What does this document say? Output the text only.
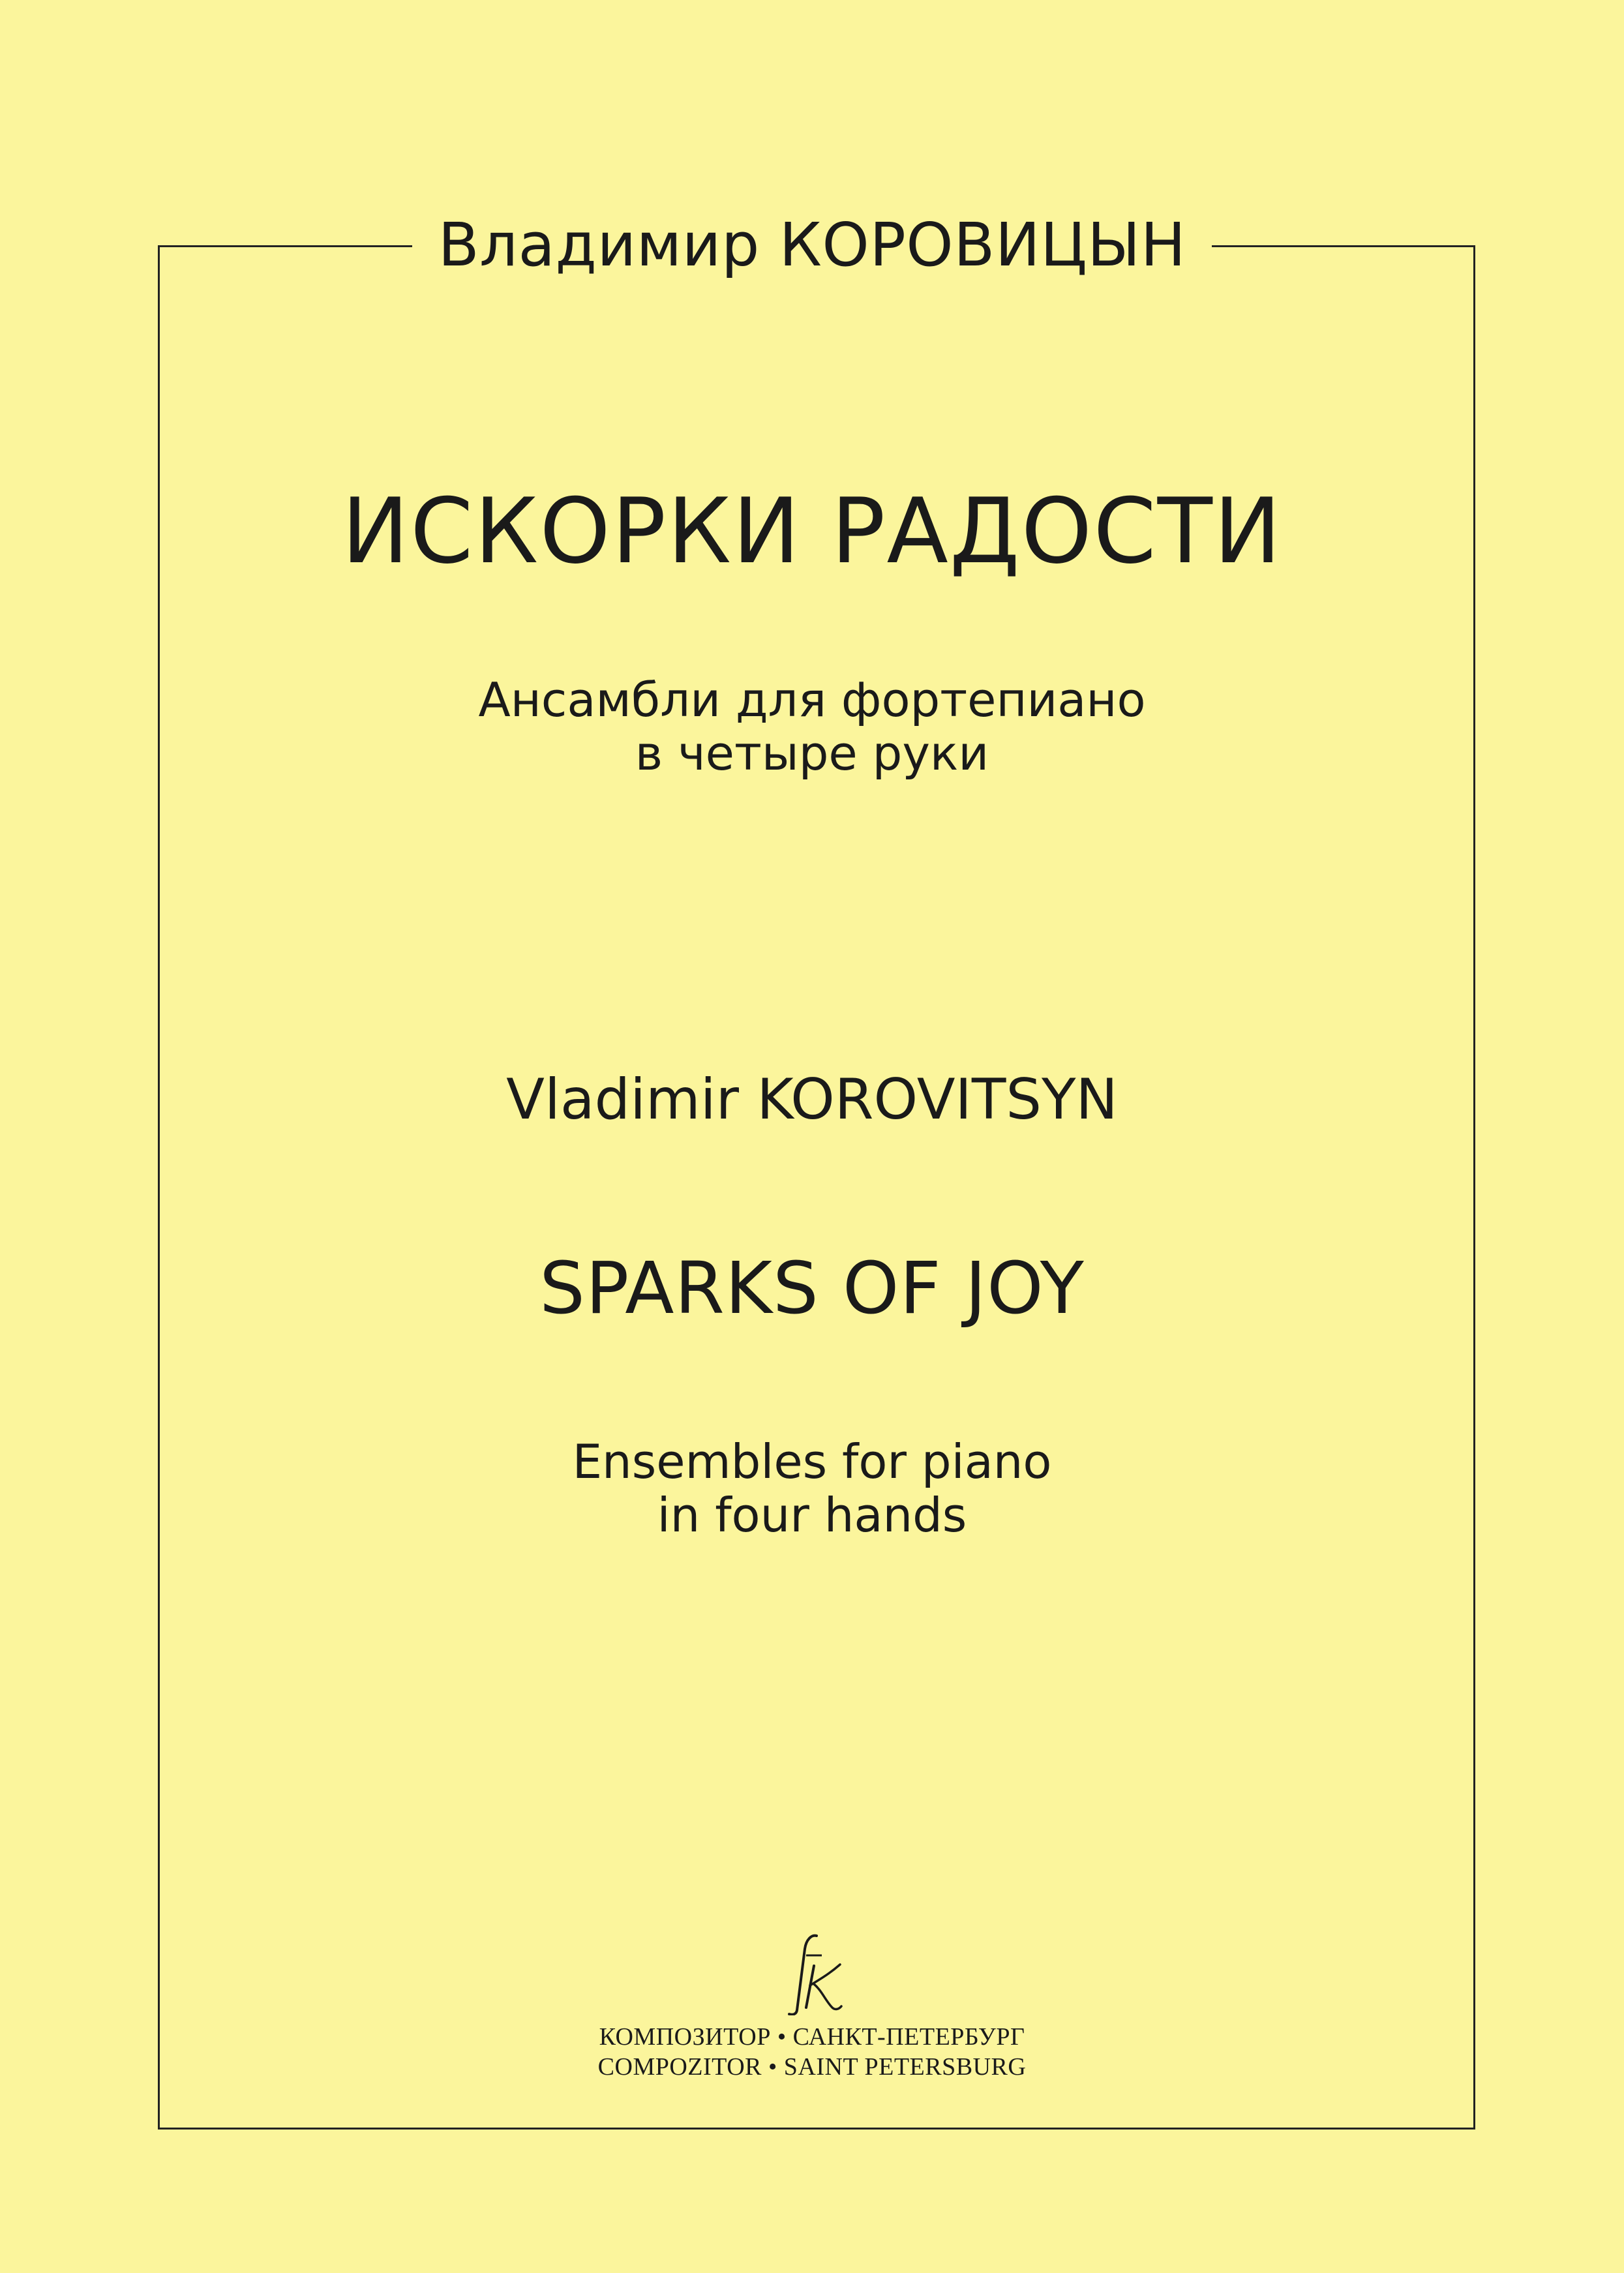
Владимир КОРОВИЦЫН
ИСКОРКИ РАДОСТИ
Ансамбли для фортепиано
в четыре руки
Vladimir KOROVITSYN
SPARKS OF JOY
Ensembles for piano
in four hands
КОМПОЗИТОР • САНКТ-ПЕТЕРБУРГ
COMPOZITOR • SAINT PETERSBURG
